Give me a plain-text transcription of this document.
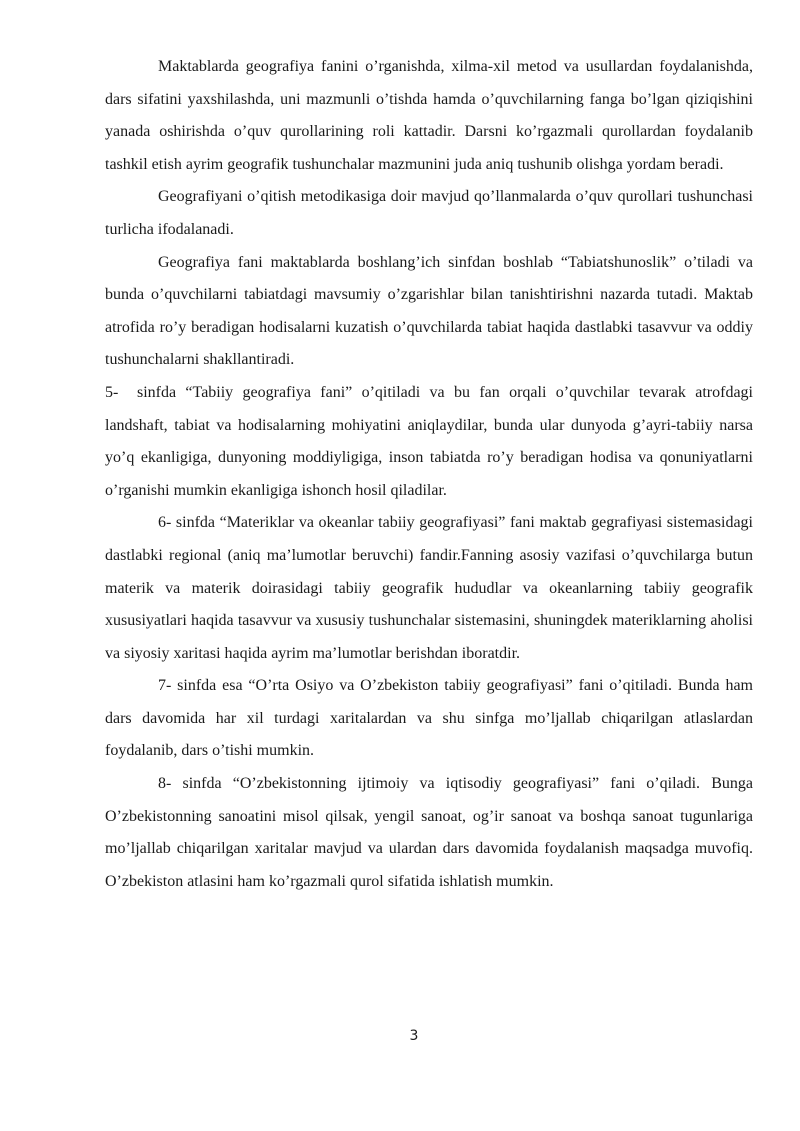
Maktablarda geografiya fanini o’rganishda, xilma-xil metod va usullardan foydalanishda, dars sifatini yaxshilashda, uni mazmunli o’tishda hamda o’quvchilarning fanga bo’lgan qiziqishini yanada oshirishda o’quv qurollarining roli kattadir. Darsni ko’rgazmali qurollardan foydalanib tashkil etish ayrim geografik tushunchalar mazmunini juda aniq tushunib olishga yordam beradi.

Geografiyani o’qitish metodikasiga doir mavjud qo’llanmalarda o’quv qurollari tushunchasi turlicha ifodalanadi.

Geografiya fani maktablarda boshlang’ich sinfdan boshlab “Tabiatshunoslik” o’tiladi va bunda o’quvchilarni tabiatdagi mavsumiy o’zgarishlar bilan tanishtirishni nazarda tutadi. Maktab atrofida ro’y beradigan hodisalarni kuzatish o’quvchilarda tabiat haqida dastlabki tasavvur va oddiy tushunchalarni shakllantiradi.

5- sinfda “Tabiiy geografiya fani” o’qitiladi va bu fan orqali o’quvchilar tevarak atrofdagi landshaft, tabiat va hodisalarning mohiyatini aniqlaydilar, bunda ular dunyoda g’ayri-tabiiy narsa yo’q ekanligiga, dunyoning moddiyligiga, inson tabiatda ro’y beradigan hodisa va qonuniyatlarni o’rganishi mumkin ekanligiga ishonch hosil qiladilar.

6- sinfda “Materiklar va okeanlar tabiiy geografiyasi” fani maktab gegrafiyasi sistemasidagi dastlabki regional (aniq ma’lumotlar beruvchi) fandir.Fanning asosiy vazifasi o’quvchilarga butun materik va materik doirasidagi tabiiy geografik hududlar va okeanlarning tabiiy geografik xususiyatlari haqida tasavvur va xususiy tushunchalar sistemasini, shuningdek materiklarning aholisi va siyosiy xaritasi haqida ayrim ma’lumotlar berishdan iboratdir.

7- sinfda esa “O’rta Osiyo va O’zbekiston tabiiy geografiyasi” fani o’qitiladi. Bunda ham dars davomida har xil turdagi xaritalardan va shu sinfga mo’ljallab chiqarilgan atlaslardan foydalanib, dars o’tishi mumkin.

8- sinfda “O’zbekistonning ijtimoiy va iqtisodiy geografiyasi” fani o’qiladi. Bunga O’zbekistonning sanoatini misol qilsak, yengil sanoat, og’ir sanoat va boshqa sanoat tugunlariga mo’ljallab chiqarilgan xaritalar mavjud va ulardan dars davomida foydalanish maqsadga muvofiq. O’zbekiston atlasini ham ko’rgazmali qurol sifatida ishlatish mumkin.

3
